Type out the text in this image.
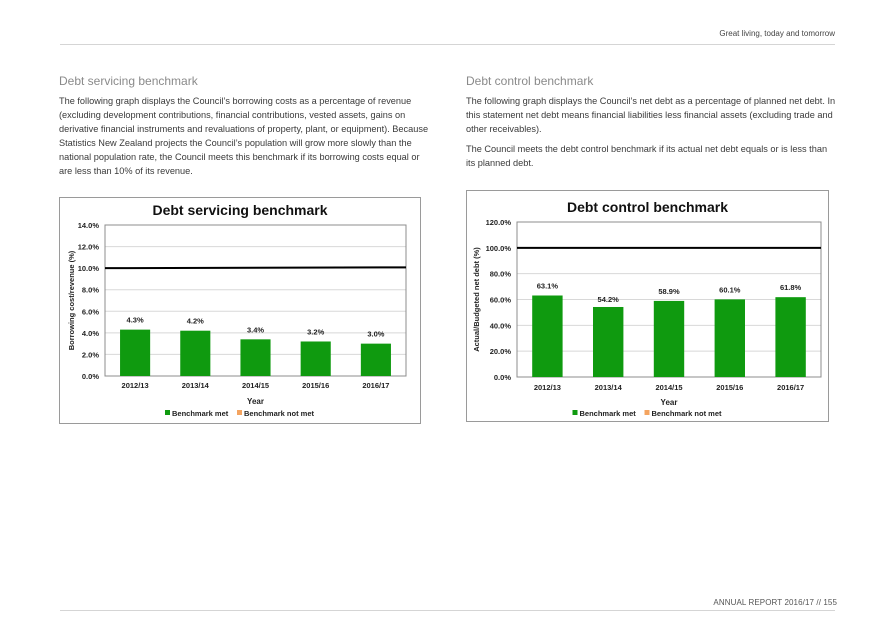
Great living, today and tomorrow
Debt servicing benchmark

The following graph displays the Council’s borrowing costs as a percentage of revenue (excluding development contributions, financial contributions, vested assets, gains on derivative financial instruments and revaluations of property, plant, or equipment). Because Statistics New Zealand projects the Council’s population will grow more slowly than the national population rate, the Council meets this benchmark if its borrowing costs equal or are less than 10% of its revenue.

Debt control benchmark

The following graph displays the Council’s net debt as a percentage of planned net debt. In this statement net debt means financial liabilities less financial assets (excluding trade and other receivables).

The Council meets the debt control benchmark if its actual net debt equals or is less than its planned debt.

Debt servicing benchmark
0.0%
2.0%
4.0%
6.0%
8.0%
10.0%
12.0%
14.0%
4.3%
2012/13
4.2%
2013/14
3.4%
2014/15
3.2%
2015/16
3.0%
2016/17
Year
Borrowing cost/revenue (%)
Benchmark met Benchmark not met
Debt control benchmark
0.0%
20.0%
40.0%
60.0%
80.0%
100.0%
120.0%
63.1%
2012/13
54.2%
2013/14
58.9%
2014/15
60.1%
2015/16
61.8%
2016/17
Year
Actual/Budgeted net debt (%)
Benchmark met Benchmark not met
ANNUAL REPORT 2016/17 // 155
